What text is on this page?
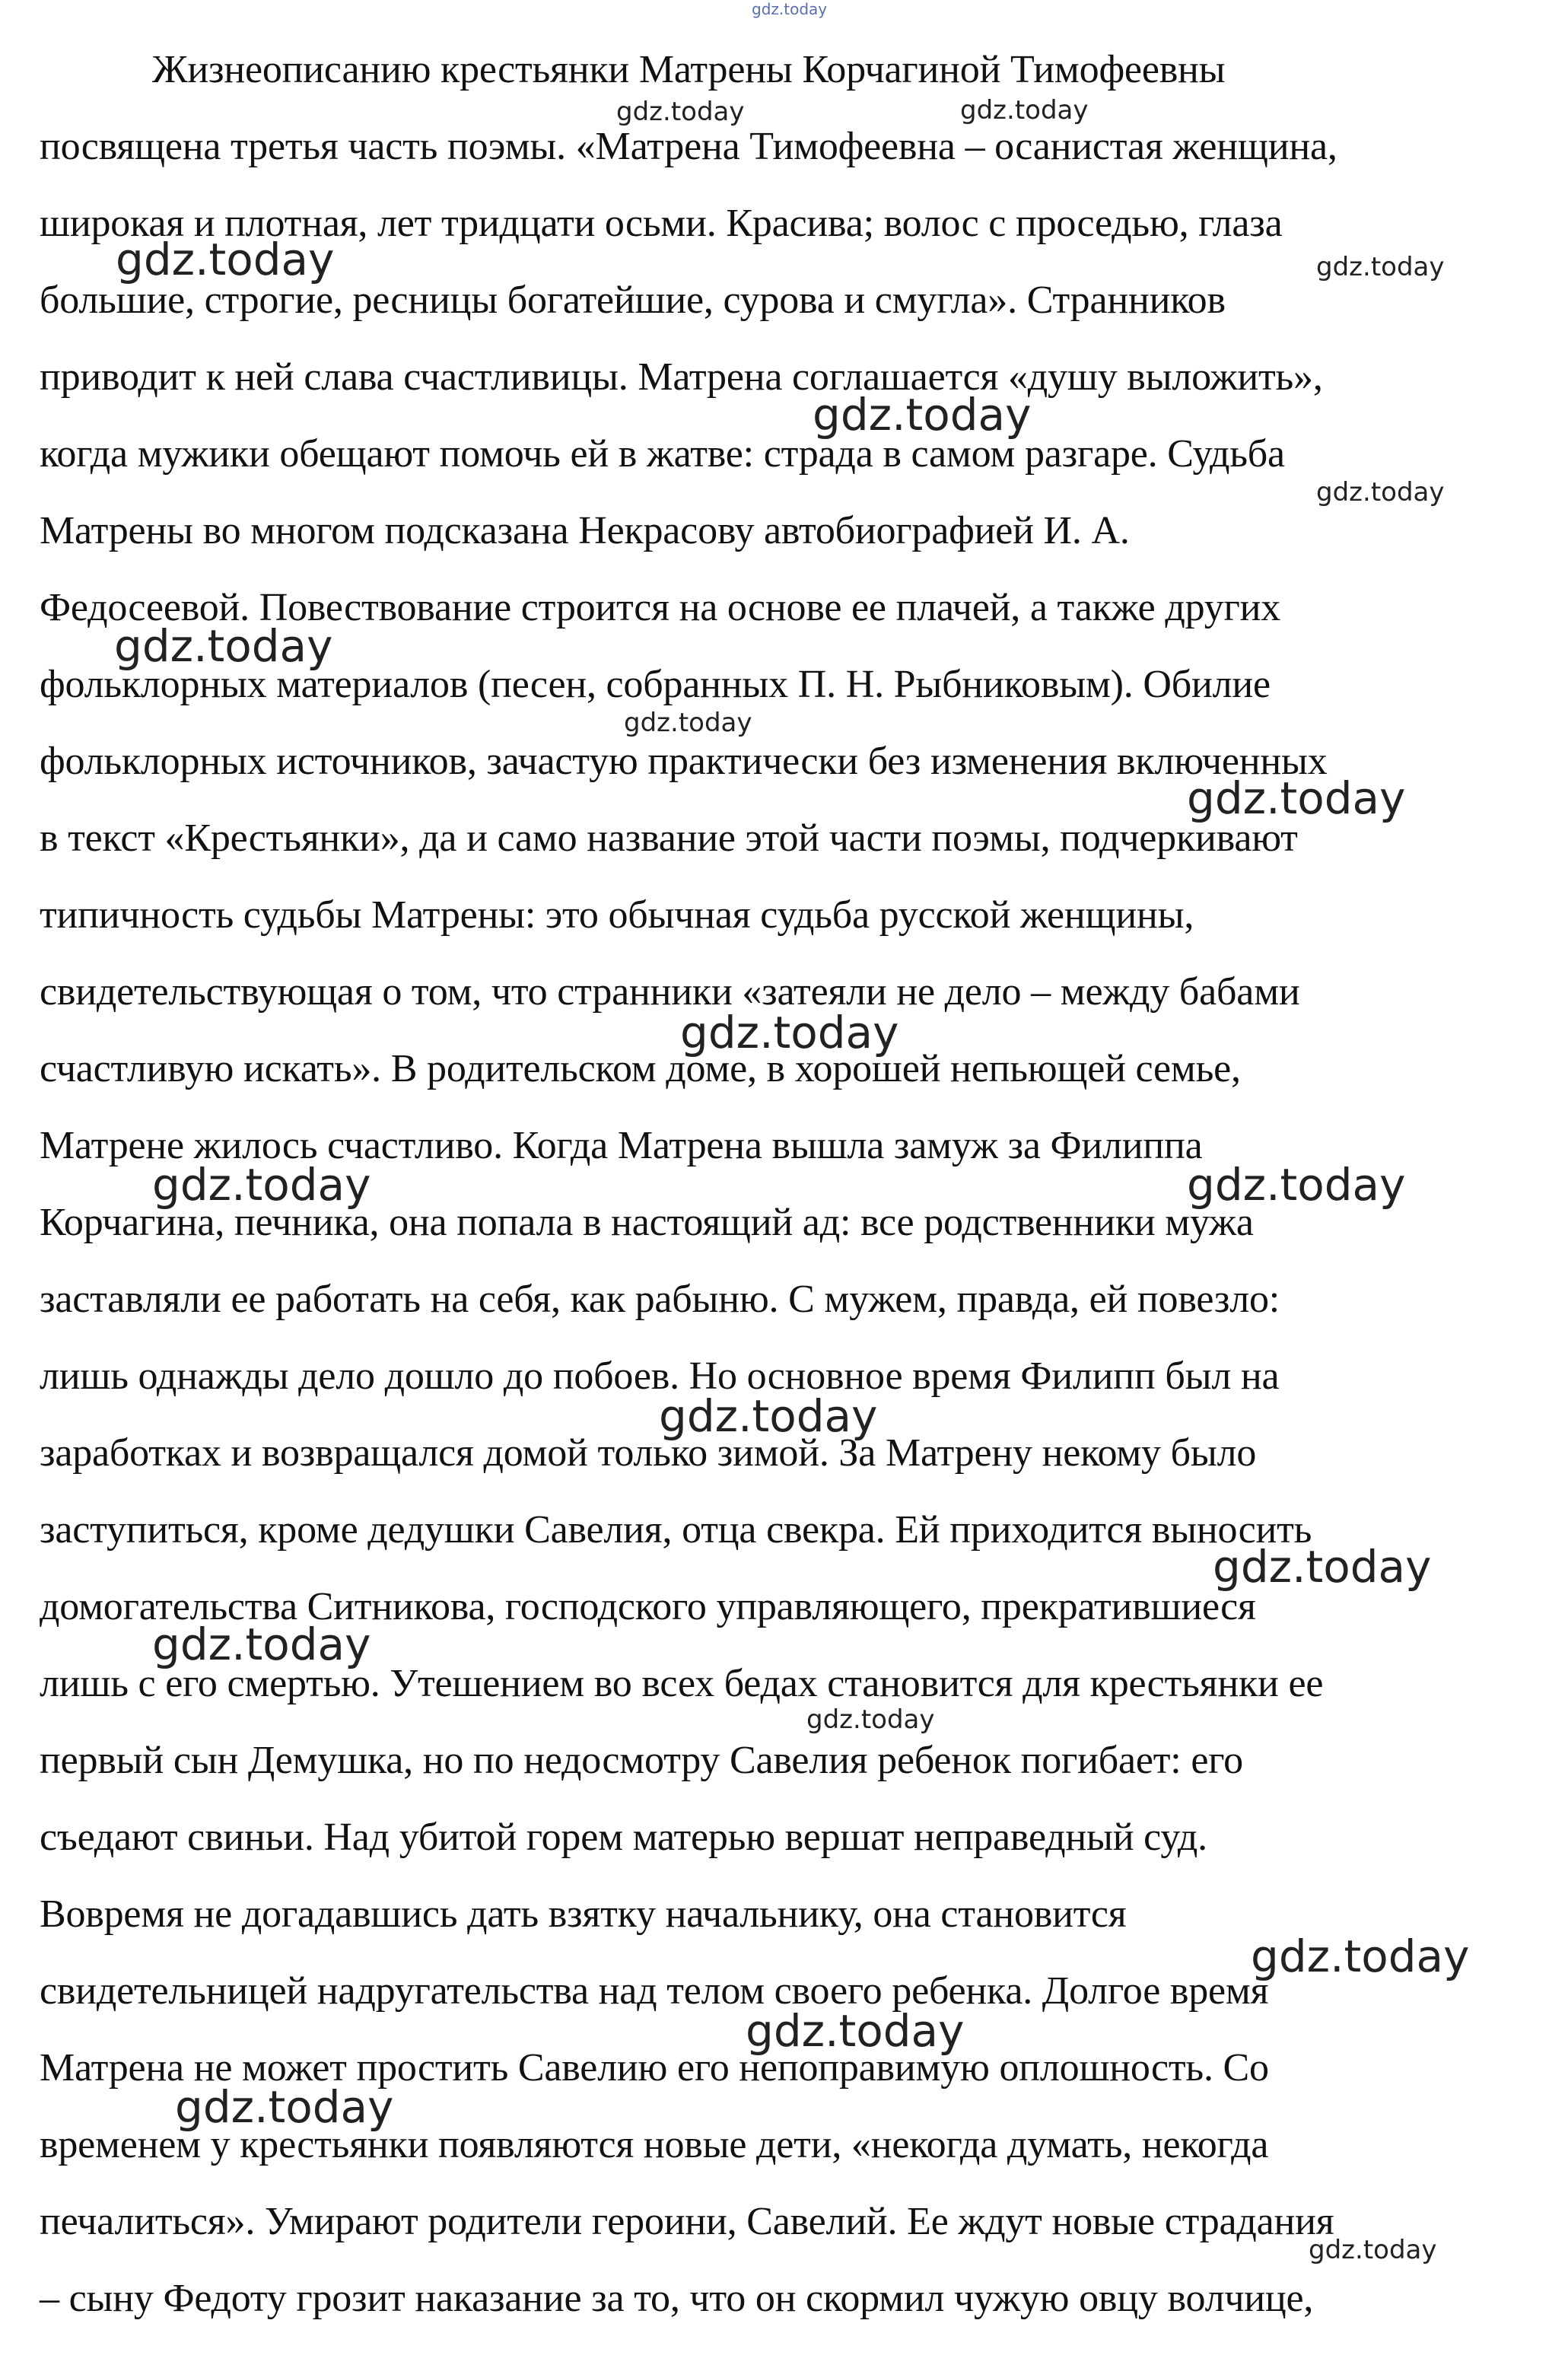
Жизнеописанию крестьянки Матрены Корчагиной Тимофеевны
посвящена третья часть поэмы. «Матрена Тимофеевна – осанистая женщина,
широкая и плотная, лет тридцати осьми. Красива; волос с проседью, глаза
большие, строгие, ресницы богатейшие, сурова и смугла». Странников
приводит к ней слава счастливицы. Матрена соглашается «душу выложить»,
когда мужики обещают помочь ей в жатве: страда в самом разгаре. Судьба
Матрены во многом подсказана Некрасову автобиографией И. А.
Федосеевой. Повествование строится на основе ее плачей, а также других
фольклорных материалов (песен, собранных П. Н. Рыбниковым). Обилие
фольклорных источников, зачастую практически без изменения включенных
в текст «Крестьянки», да и само название этой части поэмы, подчеркивают
типичность судьбы Матрены: это обычная судьба русской женщины,
свидетельствующая о том, что странники «затеяли не дело – между бабами
счастливую искать». В родительском доме, в хорошей непьющей семье,
Матрене жилось счастливо. Когда Матрена вышла замуж за Филиппа
Корчагина, печника, она попала в настоящий ад: все родственники мужа
заставляли ее работать на себя, как рабыню. С мужем, правда, ей повезло:
лишь однажды дело дошло до побоев. Но основное время Филипп был на
заработках и возвращался домой только зимой. За Матрену некому было
заступиться, кроме дедушки Савелия, отца свекра. Ей приходится выносить
домогательства Ситникова, господского управляющего, прекратившиеся
лишь с его смертью. Утешением во всех бедах становится для крестьянки ее
первый сын Демушка, но по недосмотру Савелия ребенок погибает: его
съедают свиньи. Над убитой горем матерью вершат неправедный суд.
Вовремя не догадавшись дать взятку начальнику, она становится
свидетельницей надругательства над телом своего ребенка. Долгое время
Матрена не может простить Савелию его непоправимую оплошность. Со
временем у крестьянки появляются новые дети, «некогда думать, некогда
печалиться». Умирают родители героини, Савелий. Ее ждут новые страдания
– сыну Федоту грозит наказание за то, что он скормил чужую овцу волчице,
gdz.today
gdz.today	gdz.today
gdz.today	gdz.today
gdz.today
gdz.today
gdz.today
gdz.today
gdz.today
gdz.today
gdz.today	gdz.today
gdz.today
gdz.today
gdz.today
gdz.today
gdz.today
gdz.today
gdz.today
gdz.today
